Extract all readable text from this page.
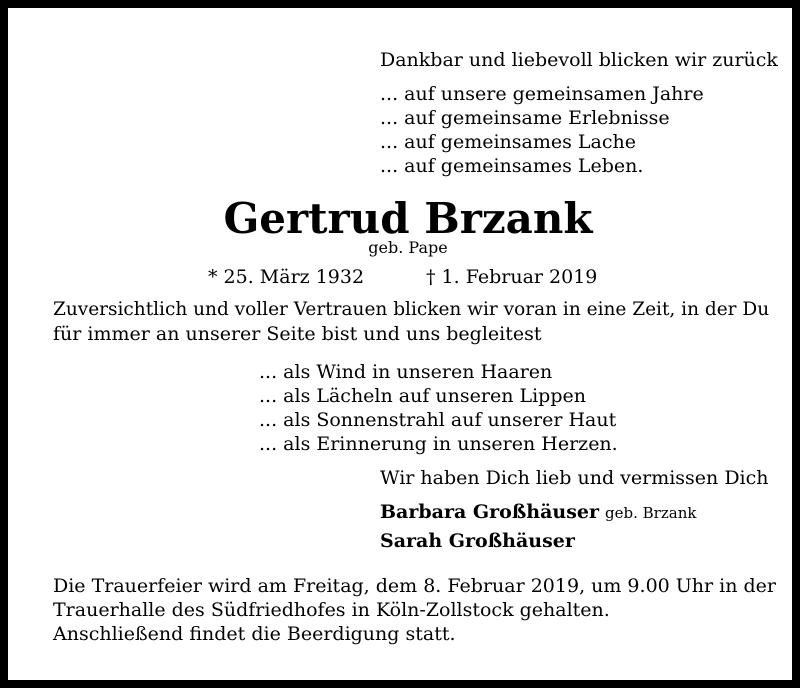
Dankbar und liebevoll blicken wir zurück
... auf unsere gemeinsamen Jahre
... auf gemeinsame Erlebnisse
... auf gemeinsames Lache
... auf gemeinsames Leben.
Gertrud Brzank
geb. Pape
* 25. März 1932	† 1. Februar 2019
Zuversichtlich und voller Vertrauen blicken wir voran in eine Zeit, in der Du
für immer an unserer Seite bist und uns begleitest
... als Wind in unseren Haaren
... als Lächeln auf unseren Lippen
... als Sonnenstrahl auf unserer Haut
... als Erinnerung in unseren Herzen.
Wir haben Dich lieb und vermissen Dich
Barbara Großhäuser geb. Brzank
Sarah Großhäuser
Die Trauerfeier wird am Freitag, dem 8. Februar 2019, um 9.00 Uhr in der
Trauerhalle des Südfriedhofes in Köln-Zollstock gehalten.
Anschließend findet die Beerdigung statt.
